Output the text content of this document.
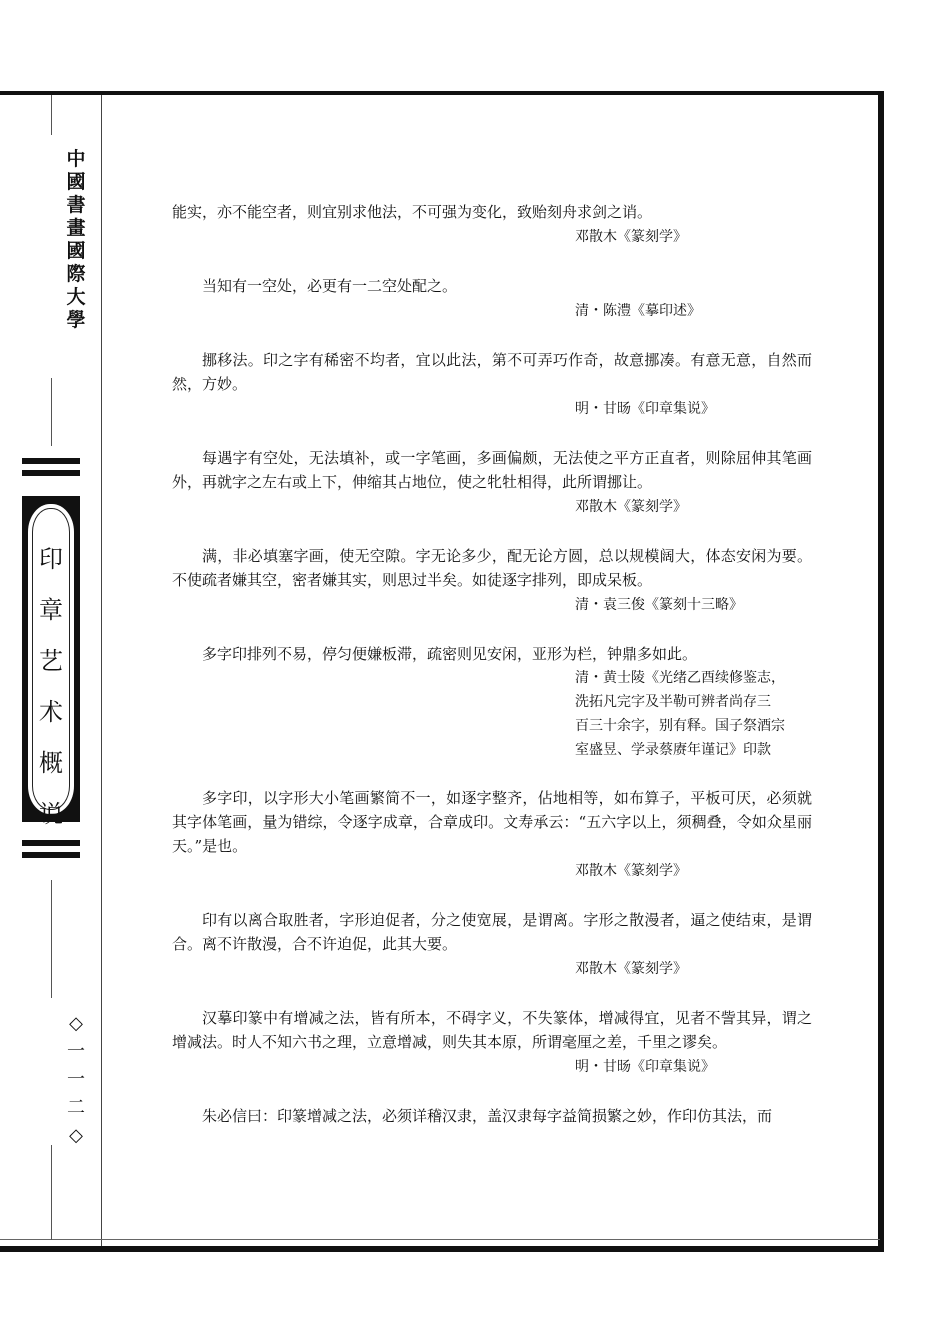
中
國
書
畫
國
際
大
學
印
章
艺
术
概
说
◇
一
一
二
◇

能实，亦不能空者，则宜别求他法，不可强为变化，致贻刻舟求剑之诮。

邓散木《篆刻学》

当知有一空处，必更有一二空处配之。

清・陈澧《摹印述》

挪移法。印之字有稀密不均者，宜以此法，第不可弄巧作奇，故意挪凑。有意无意，自然而然，方妙。

明・甘旸《印章集说》

每遇字有空处，无法填补，或一字笔画，多画偏颇，无法使之平方正直者，则除屈伸其笔画外，再就字之左右或上下，伸缩其占地位，使之牝牡相得，此所谓挪让。

邓散木《篆刻学》

满，非必填塞字画，使无空隙。字无论多少，配无论方圆，总以规模阔大，体态安闲为要。不使疏者嫌其空，密者嫌其实，则思过半矣。如徒逐字排列，即成呆板。

清・袁三俊《篆刻十三略》

多字印排列不易，停匀便嫌板滞，疏密则见安闲，亚形为栏，钟鼎多如此。

清・黄士陵《光绪乙酉续修鉴志，

洗拓凡完字及半勒可辨者尚存三

百三十余字，别有释。国子祭酒宗

室盛昱、学录蔡赓年谨记》印款

多字印，以字形大小笔画繁简不一，如逐字整齐，佔地相等，如布算子，平板可厌，必须就其字体笔画，量为错综，令逐字成章，合章成印。文寿承云：“五六字以上，须稠叠，令如众星丽天。”是也。

邓散木《篆刻学》

印有以离合取胜者，字形迫促者，分之使宽展，是谓离。字形之散漫者，逼之使结束，是谓合。离不许散漫，合不许迫促，此其大要。

邓散木《篆刻学》

汉摹印篆中有增减之法，皆有所本，不碍字义，不失篆体，增减得宜，见者不訾其异，谓之增减法。时人不知六书之理，立意增减，则失其本原，所谓毫厘之差，千里之谬矣。

明・甘旸《印章集说》

朱必信曰：印篆增减之法，必须详稽汉隶，盖汉隶每字益简损繁之妙，作印仿其法，而
